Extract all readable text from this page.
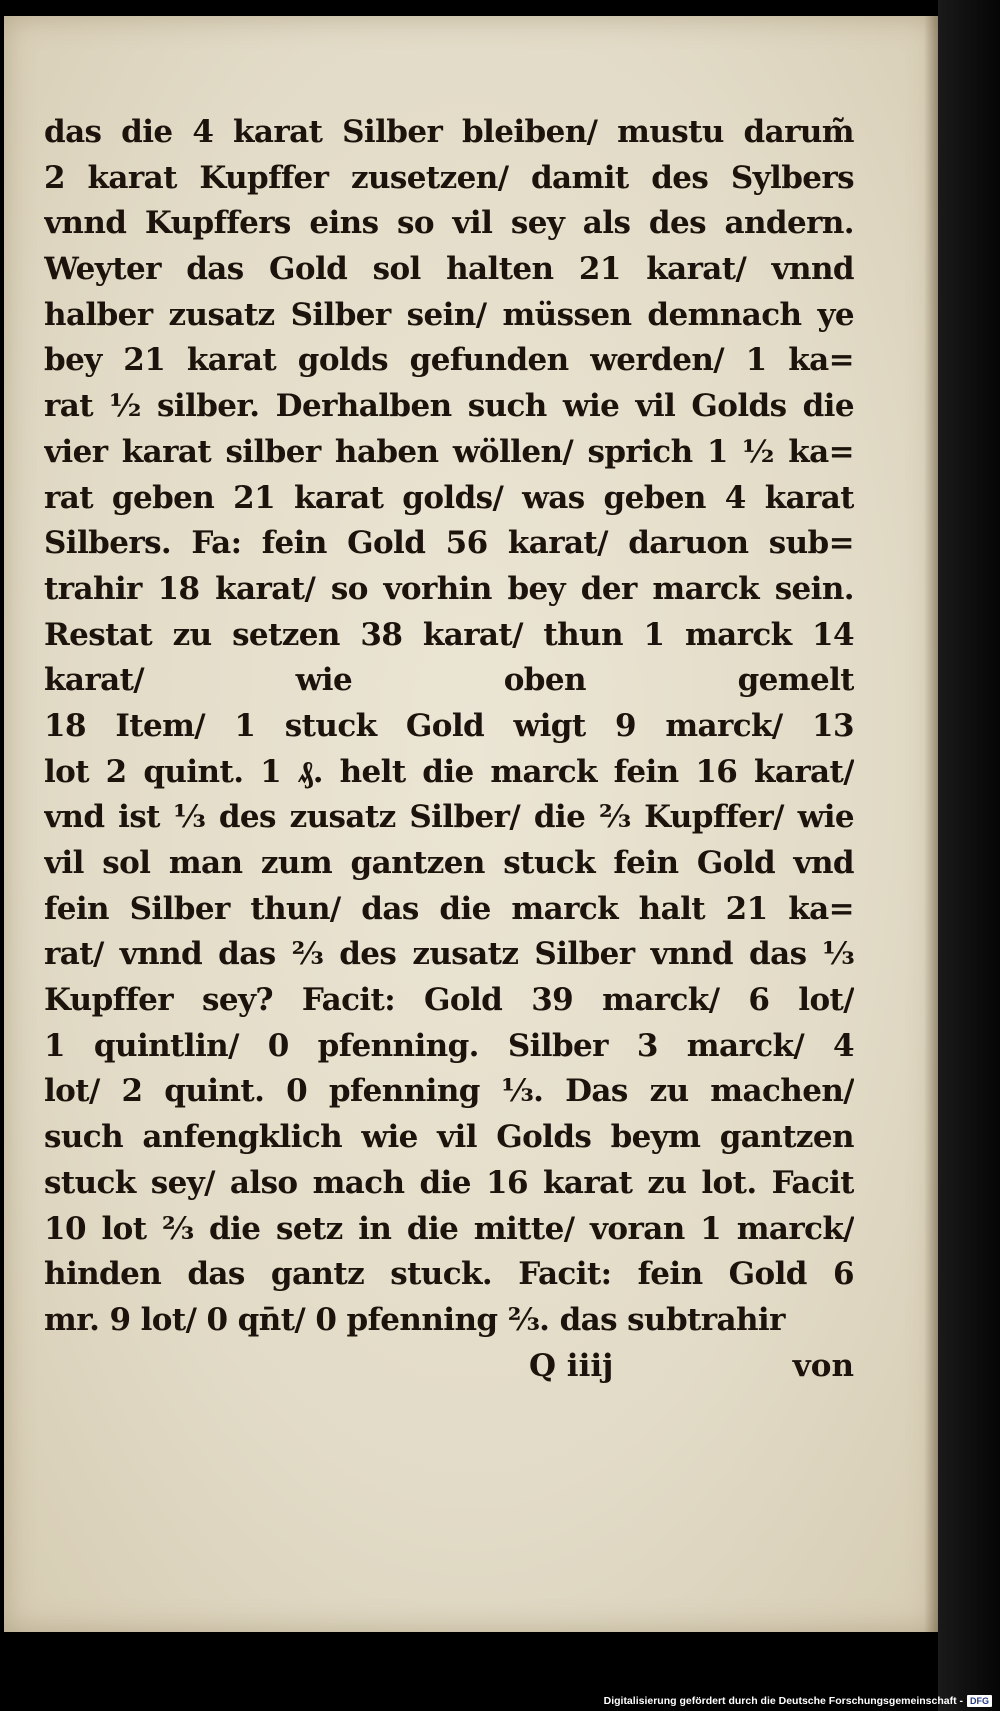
das die 4 karat Silber bleiben/ mustu darum̃
2 karat Kupffer zusetzen/ damit des Sylbers
vnnd Kupffers eins so vil sey als des andern.
Weyter das Gold sol halten 21 karat/ vnnd
halber zusatz Silber sein/ müssen demnach ye
bey 21 karat golds gefunden werden/ 1 ka=
rat ½ silber. Derhalben such wie vil Golds die
vier karat silber haben wöllen/ sprich 1 ½ ka=
rat geben 21 karat golds/ was geben 4 karat
Silbers. Fa: fein Gold 56 karat/ daruon sub=
trahir 18 karat/ so vorhin bey der marck sein.
Restat zu setzen 38 karat/ thun 1 marck 14
karat/ wie oben gemelt
18 Item/ 1 stuck Gold wigt 9 marck/ 13
lot 2 quint. 1 ₰. helt die marck fein 16 karat/
vnd ist ⅓ des zusatz Silber/ die ⅔ Kupffer/ wie
vil sol man zum gantzen stuck fein Gold vnd
fein Silber thun/ das die marck halt 21 ka=
rat/ vnnd das ⅔ des zusatz Silber vnnd das ⅓
Kupffer sey? Facit: Gold 39 marck/ 6 lot/
1 quintlin/ 0 pfenning. Silber 3 marck/ 4
lot/ 2 quint. 0 pfenning ⅓. Das zu machen/
such anfengklich wie vil Golds beym gantzen
stuck sey/ also mach die 16 karat zu lot. Facit
10 lot ⅔ die setz in die mitte/ voran 1 marck/
hinden das gantz stuck. Facit: fein Gold 6
mr. 9 lot/ 0 qn̄t/ 0 pfenning ⅔. das subtrahir
Q iiij	von
Digitalisierung gefördert durch die Deutsche Forschungsgemeinschaft - DFG
